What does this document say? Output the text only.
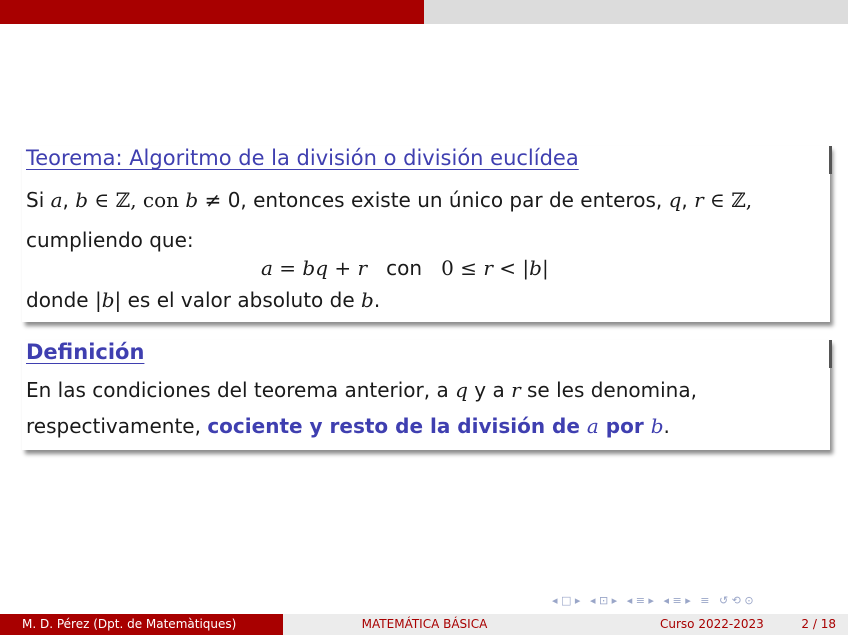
Teorema: Algoritmo de la división o división euclídea
Si a, b ∈ ℤ, con b ≠ 0, entonces existe un único par de enteros, q, r ∈ ℤ,
cumpliendo que:
a = bq + r   con   0 ≤ r < |b|
donde |b| es el valor absoluto de b.
Definición
En las condiciones del teorema anterior, a q y a r se les denomina,
respectivamente, cociente y resto de la división de a por b.
◂ □ ▸ ◂ ⊡ ▸ ◂ ≡ ▸ ◂ ≡ ▸ ≡ ↺ ⟲ ⊙
M. D. Pérez (Dpt. de Matemàtiques)	MATEMÁTICA BÁSICA	Curso 2022-2023	2 / 18
